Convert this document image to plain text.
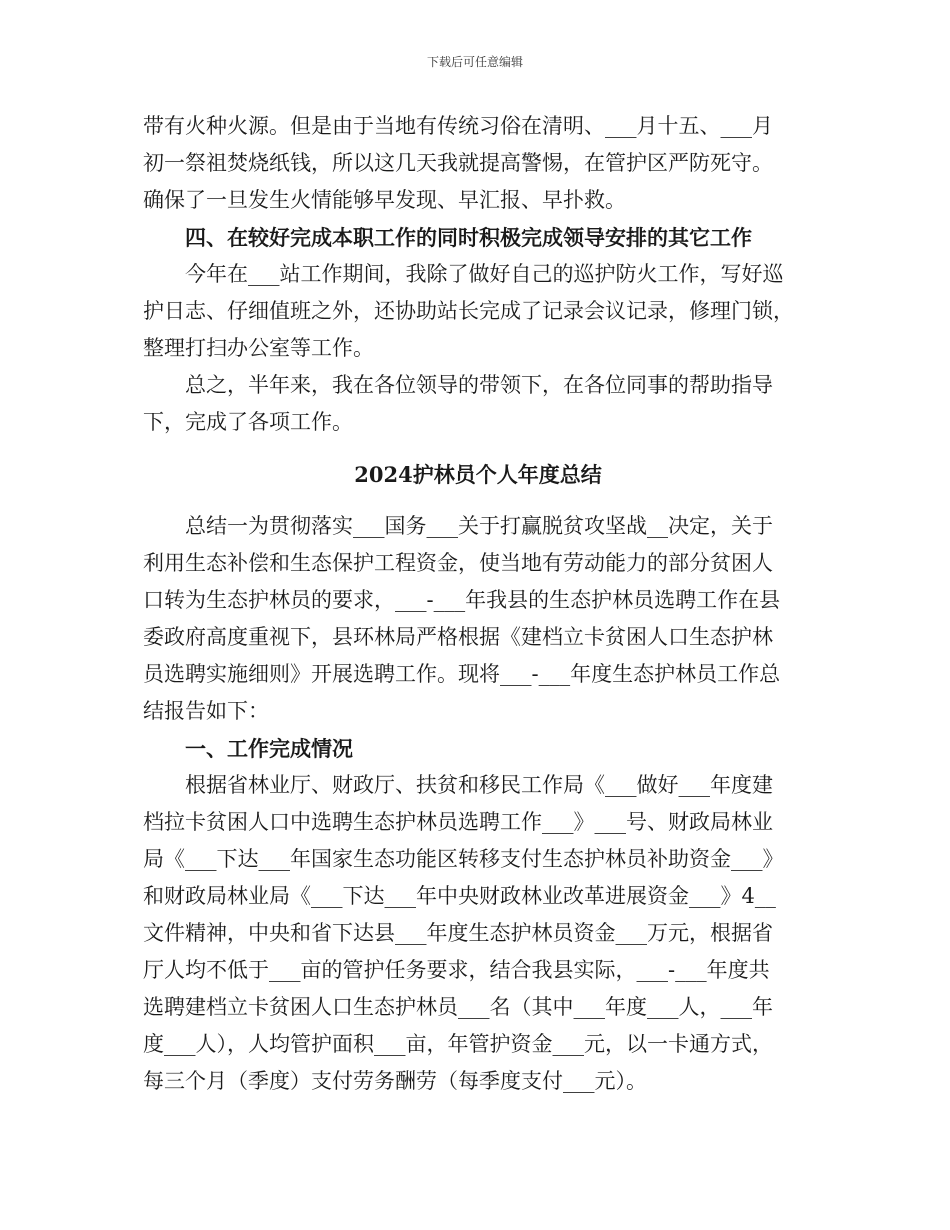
下载后可任意编辑
带有火种火源。但是由于当地有传统习俗在清明、___月十五、___月
初一祭祖焚烧纸钱，所以这几天我就提高警惕，在管护区严防死守。
确保了一旦发生火情能够早发现、早汇报、早扑救。
四、在较好完成本职工作的同时积极完成领导安排的其它工作
今年在___站工作期间，我除了做好自己的巡护防火工作，写好巡
护日志、仔细值班之外，还协助站长完成了记录会议记录，修理门锁，
整理打扫办公室等工作。
总之，半年来，我在各位领导的带领下，在各位同事的帮助指导
下，完成了各项工作。
2024护林员个人年度总结
总结一为贯彻落实___国务___关于打赢脱贫攻坚战__决定，关于
利用生态补偿和生态保护工程资金，使当地有劳动能力的部分贫困人
口转为生态护林员的要求，___-___年我县的生态护林员选聘工作在县
委政府高度重视下，县环林局严格根据《建档立卡贫困人口生态护林
员选聘实施细则》开展选聘工作。现将___-___年度生态护林员工作总
结报告如下：
一、工作完成情况
根据省林业厅、财政厅、扶贫和移民工作局《___做好___年度建
档拉卡贫困人口中选聘生态护林员选聘工作___》___号、财政局林业
局《___下达___年国家生态功能区转移支付生态护林员补助资金___》
和财政局林业局《___下达___年中央财政林业改革进展资金___》4__
文件精神，中央和省下达县___年度生态护林员资金___万元，根据省
厅人均不低于___亩的管护任务要求，结合我县实际，___-___年度共
选聘建档立卡贫困人口生态护林员___名（其中___年度___人，___年
度___人），人均管护面积___亩，年管护资金___元，以一卡通方式，
每三个月（季度）支付劳务酬劳（每季度支付___元）。
